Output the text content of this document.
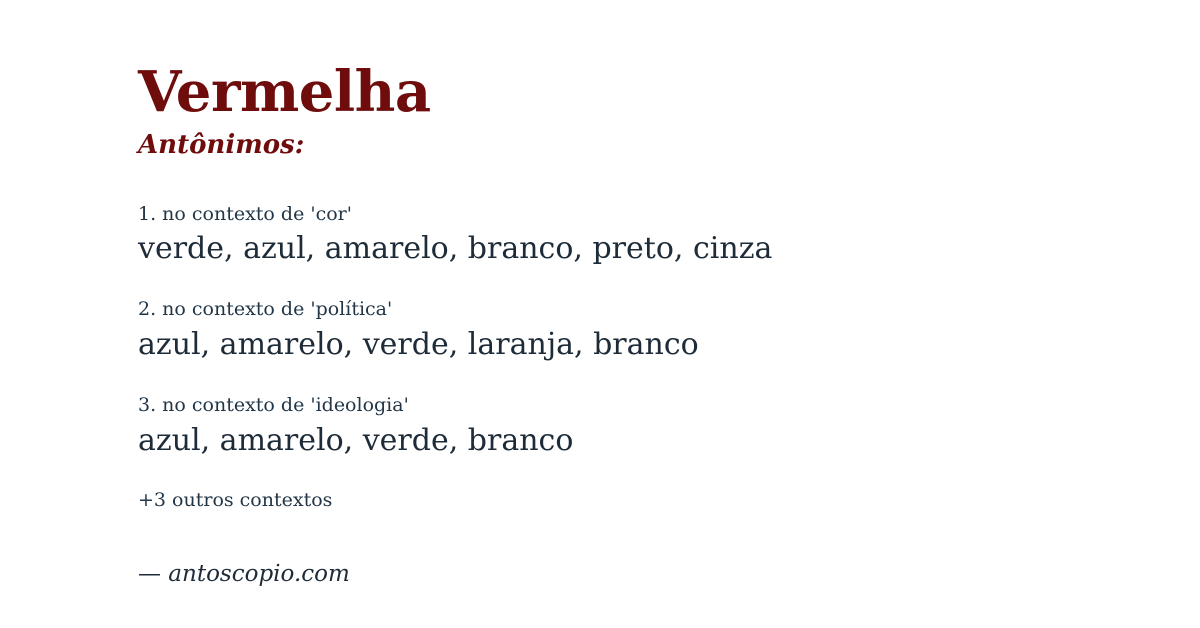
Vermelha
Antônimos:
1. no contexto de 'cor'
verde, azul, amarelo, branco, preto, cinza
2. no contexto de 'política'
azul, amarelo, verde, laranja, branco
3. no contexto de 'ideologia'
azul, amarelo, verde, branco
+3 outros contextos
— antoscopio.com
